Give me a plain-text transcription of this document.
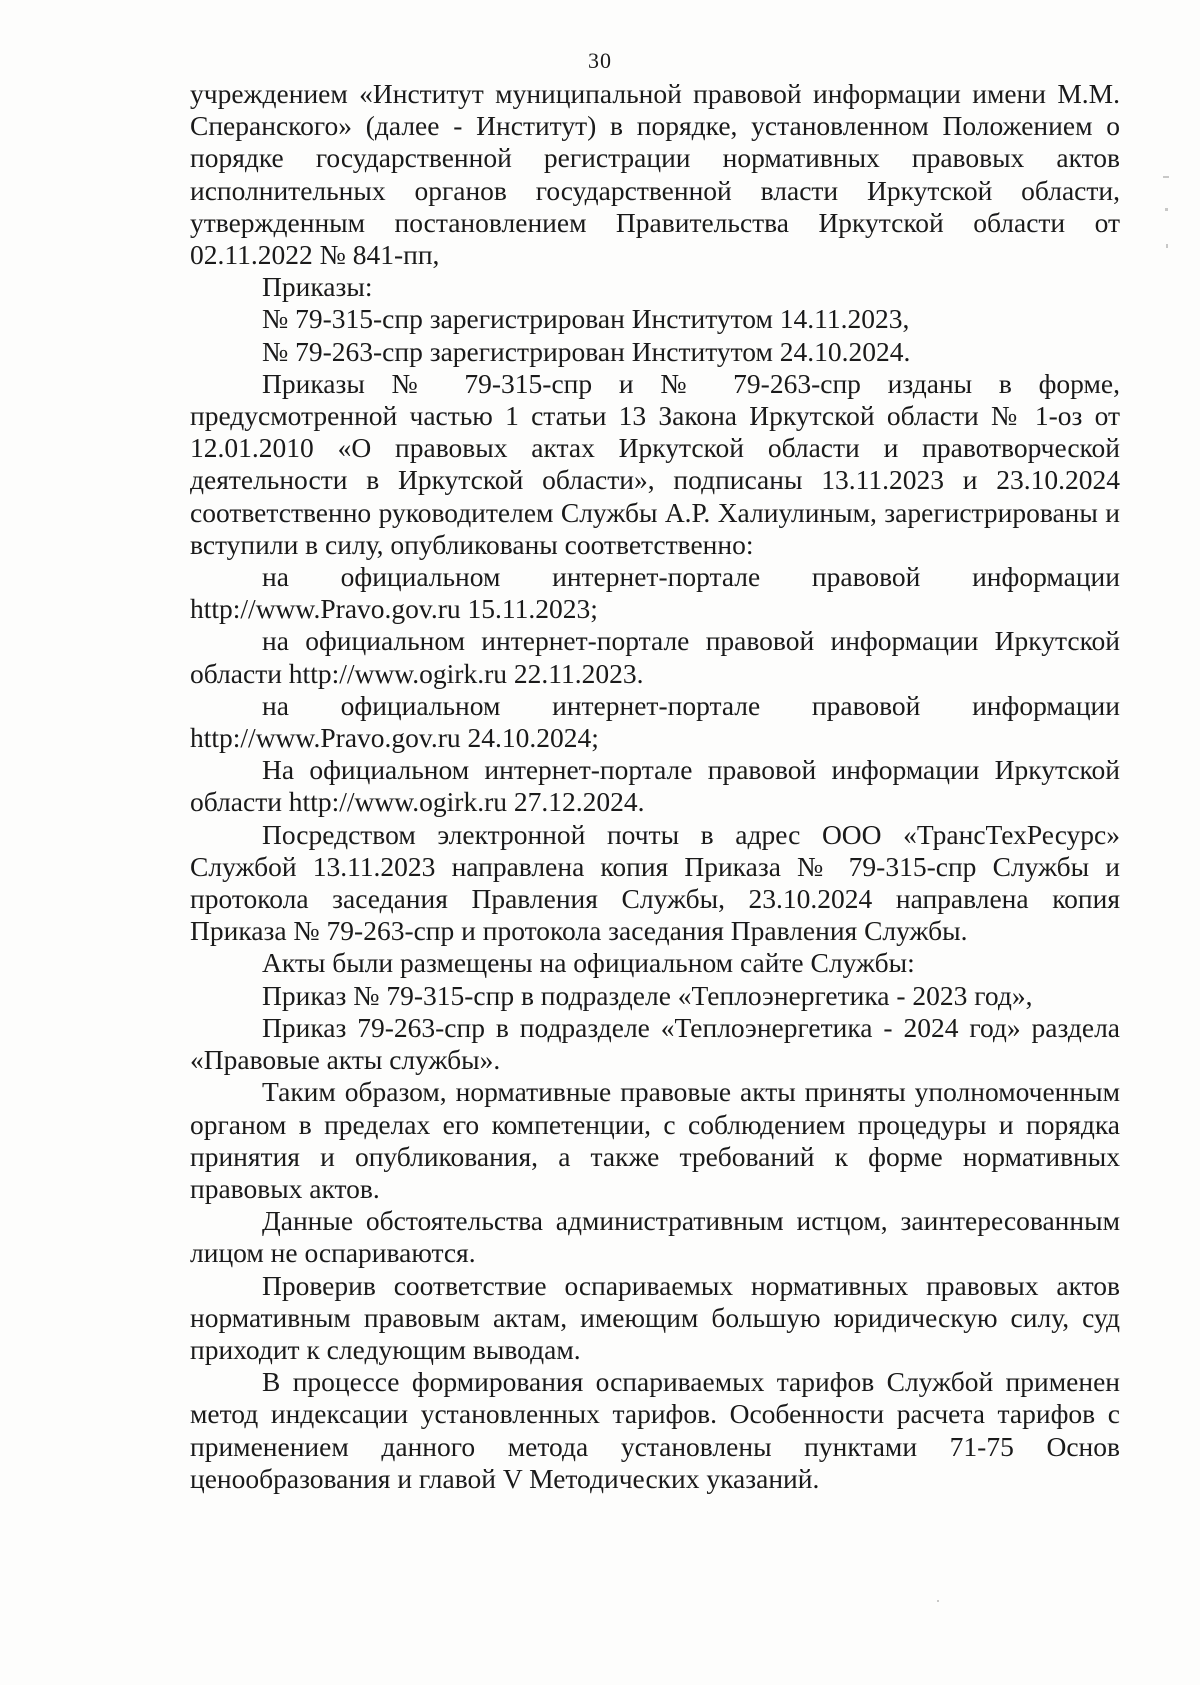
30

учреждением «Институт муниципальной правовой информации имени М.М. Сперанского» (далее - Институт) в порядке, установленном Положением о порядке государственной регистрации нормативных правовых актов исполнительных органов государственной власти Иркутской области, утвержденным постановлением Правительства Иркутской области от 02.11.2022 № 841-пп,

Приказы:

№ 79-315-спр зарегистрирован Институтом 14.11.2023,

№ 79-263-спр зарегистрирован Институтом 24.10.2024.

Приказы № 79-315-спр и № 79-263-спр изданы в форме, предусмотренной частью 1 статьи 13 Закона Иркутской области № 1-оз от 12.01.2010 «О правовых актах Иркутской области и правотворческой деятельности в Иркутской области», подписаны 13.11.2023 и 23.10.2024 соответственно руководителем Службы А.Р. Халиулиным, зарегистрированы и вступили в силу, опубликованы соответственно:

на официальном интернет-портале правовой информации http://www.Pravo.gov.ru 15.11.2023;

на официальном интернет-портале правовой информации Иркутской области http://www.ogirk.ru 22.11.2023.

на официальном интернет-портале правовой информации http://www.Pravo.gov.ru 24.10.2024;

На официальном интернет-портале правовой информации Иркутской области http://www.ogirk.ru 27.12.2024.

Посредством электронной почты в адрес ООО «ТрансТехРесурс» Службой 13.11.2023 направлена копия Приказа № 79-315-спр Службы и протокола заседания Правления Службы, 23.10.2024 направлена копия Приказа № 79-263-спр и протокола заседания Правления Службы.

Акты были размещены на официальном сайте Службы:

Приказ № 79-315-спр в подразделе «Теплоэнергетика - 2023 год»,

Приказ 79-263-спр в подразделе «Теплоэнергетика - 2024 год» раздела «Правовые акты службы».

Таким образом, нормативные правовые акты приняты уполномоченным органом в пределах его компетенции, с соблюдением процедуры и порядка принятия и опубликования, а также требований к форме нормативных правовых актов.

Данные обстоятельства административным истцом, заинтересованным лицом не оспариваются.

Проверив соответствие оспариваемых нормативных правовых актов нормативным правовым актам, имеющим большую юридическую силу, суд приходит к следующим выводам.

В процессе формирования оспариваемых тарифов Службой применен метод индексации установленных тарифов. Особенности расчета тарифов с применением данного метода установлены пунктами 71-75 Основ ценообразования и главой V Методических указаний.
